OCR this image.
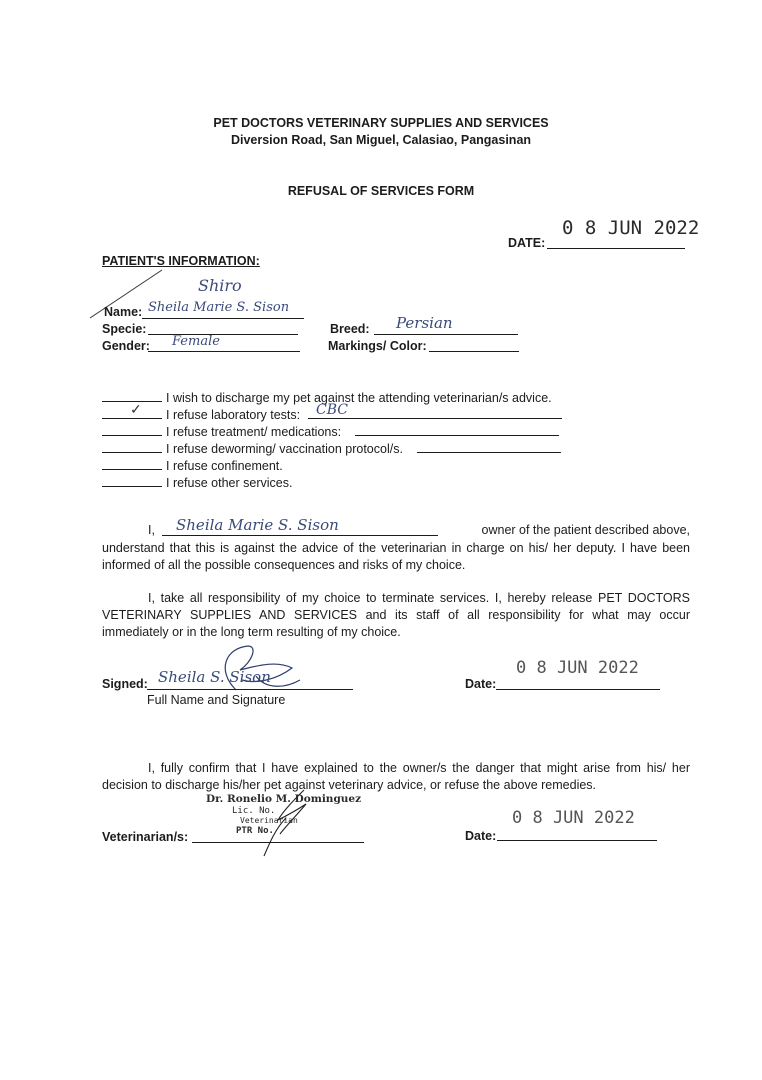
PET DOCTORS VETERINARY SUPPLIES AND SERVICES
Diversion Road, San Miguel, Calasiao, Pangasinan
REFUSAL OF SERVICES FORM
0 8 JUN 2022
DATE:
PATIENT'S INFORMATION:
Shiro
Name: Sheila Marie S. Sison
Specie:
Gender: Female
Breed: Persian
Markings/ Color:
I wish to discharge my pet against the attending veterinarian/s advice.
✓ I refuse laboratory tests: CBC
I refuse treatment/ medications:
I refuse deworming/ vaccination protocol/s.
I refuse confinement.
I refuse other services.
I, Sheila Marie S. Sison	owner of the patient described above,
understand that this is against the advice of the veterinarian in charge on his/ her deputy. I have been informed of all the possible consequences and risks of my choice.
I, take all responsibility of my choice to terminate services. I, hereby release PET DOCTORS VETERINARY SUPPLIES AND SERVICES and its staff of all responsibility for what may occur immediately or in the long term resulting of my choice.
Signed: Sheila S. Sison
Full Name and Signature
0 8 JUN 2022
Date:
I, fully confirm that I have explained to the owner/s the danger that might arise from his/ her decision to discharge his/her pet against veterinary advice, or refuse the above remedies.
Dr. Ronelio M. Dominguez
Lic. No.
Veterinarian
PTR No.
Veterinarian/s:
0 8 JUN 2022
Date:
